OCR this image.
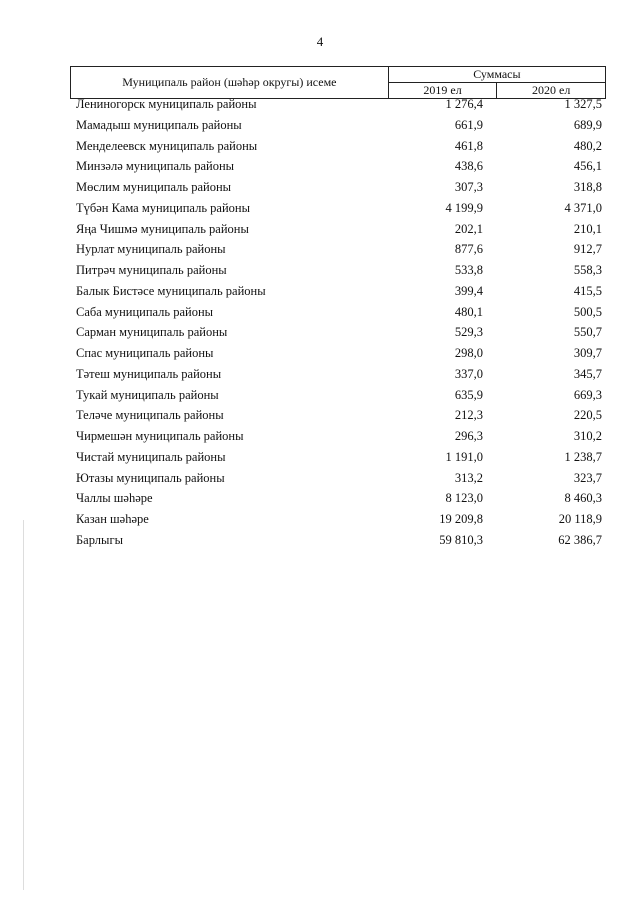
4
Муниципаль район (шәһәр округы) исеме	Суммасы	
	2019 ел	2020 ел
Лениногорск муниципаль районы	1 276,4	1 327,5
Мамадыш муниципаль районы	661,9	689,9
Менделеевск муниципаль районы	461,8	480,2
Минзәлә муниципаль районы	438,6	456,1
Мөслим муниципаль районы	307,3	318,8
Түбән Кама муниципаль районы	4 199,9	4 371,0
Яңа Чишмә муниципаль районы	202,1	210,1
Нурлат муниципаль районы	877,6	912,7
Питрәч муниципаль районы	533,8	558,3
Балык Бистәсе муниципаль районы	399,4	415,5
Саба муниципаль районы	480,1	500,5
Сарман муниципаль районы	529,3	550,7
Спас муниципаль районы	298,0	309,7
Тәтеш муниципаль районы	337,0	345,7
Тукай муниципаль районы	635,9	669,3
Теләче муниципаль районы	212,3	220,5
Чирмешән муниципаль районы	296,3	310,2
Чистай муниципаль районы	1 191,0	1 238,7
Ютазы муниципаль районы	313,2	323,7
Чаллы шәһәре	8 123,0	8 460,3
Казан шәһәре	19 209,8	20 118,9
Барлыгы	59 810,3	62 386,7
